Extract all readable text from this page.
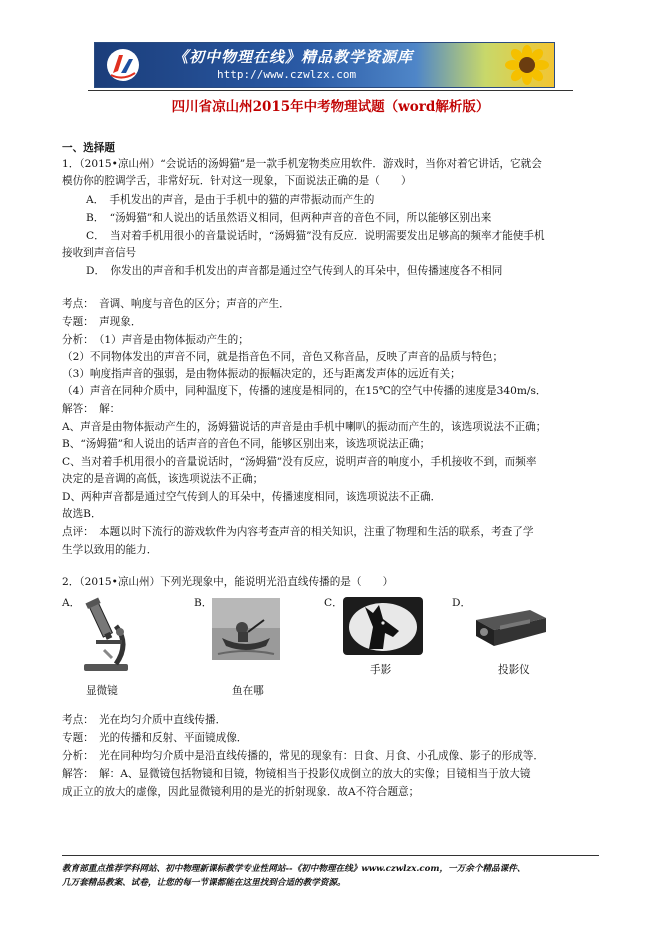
《初中物理在线》精品教学资源库
http://www.czwlzx.com
四川省凉山州2015年中考物理试题（word解析版）
一、选择题
1．（2015•凉山州）“会说话的汤姆猫”是一款手机宠物类应用软件．游戏时，当你对着它讲话，它就会
模仿你的腔调学舌，非常好玩．针对这一现象，下面说法正确的是（　　）
A．　手机发出的声音，是由于手机中的猫的声带振动而产生的
B．　“汤姆猫”和人说出的话虽然语义相同，但两种声音的音色不同，所以能够区别出来
C．　当对着手机用很小的音量说话时，“汤姆猫”没有反应．说明需要发出足够高的频率才能使手机
接收到声音信号
D．　你发出的声音和手机发出的声音都是通过空气传到人的耳朵中，但传播速度各不相同
考点：　音调、响度与音色的区分；声音的产生．
专题：　声现象．
分析：　（1）声音是由物体振动产生的；
（2）不同物体发出的声音不同，就是指音色不同，音色又称音品，反映了声音的品质与特色；
（3）响度指声音的强弱，是由物体振动的振幅决定的，还与距离发声体的远近有关；
（4）声音在同种介质中，同种温度下，传播的速度是相同的，在15℃的空气中传播的速度是340m/s．
解答：　解：
A、声音是由物体振动产生的，汤姆猫说话的声音是由手机中喇叭的振动而产生的，该选项说法不正确；
B、“汤姆猫”和人说出的话声音的音色不同，能够区别出来，该选项说法正确；
C、当对着手机用很小的音量说话时，“汤姆猫”没有反应，说明声音的响度小，手机接收不到，而频率
决定的是音调的高低，该选项说法不正确；
D、两种声音都是通过空气传到人的耳朵中，传播速度相同，该选项说法不正确．
故选B．
点评：　本题以时下流行的游戏软件为内容考查声音的相关知识，注重了物理和生活的联系，考查了学
生学以致用的能力．
2．（2015•凉山州）下列光现象中，能说明光沿直线传播的是（　　）
A．	B．	C．	D．
显微镜	鱼在哪
手影	投影仪
考点：　光在均匀介质中直线传播．
专题：　光的传播和反射、平面镜成像．
分析：　光在同种均匀介质中是沿直线传播的，常见的现象有：日食、月食、小孔成像、影子的形成等．
解答：　解：A、显微镜包括物镜和目镜，物镜相当于投影仪成倒立的放大的实像；目镜相当于放大镜
成正立的放大的虚像，因此显微镜利用的是光的折射现象．故A不符合题意；
教育部重点推荐学科网站、初中物理新课标教学专业性网站--《初中物理在线》www.czwlzx.com，一万余个精品课件、
几万套精品教案、试卷，让您的每一节课都能在这里找到合适的教学资源。
